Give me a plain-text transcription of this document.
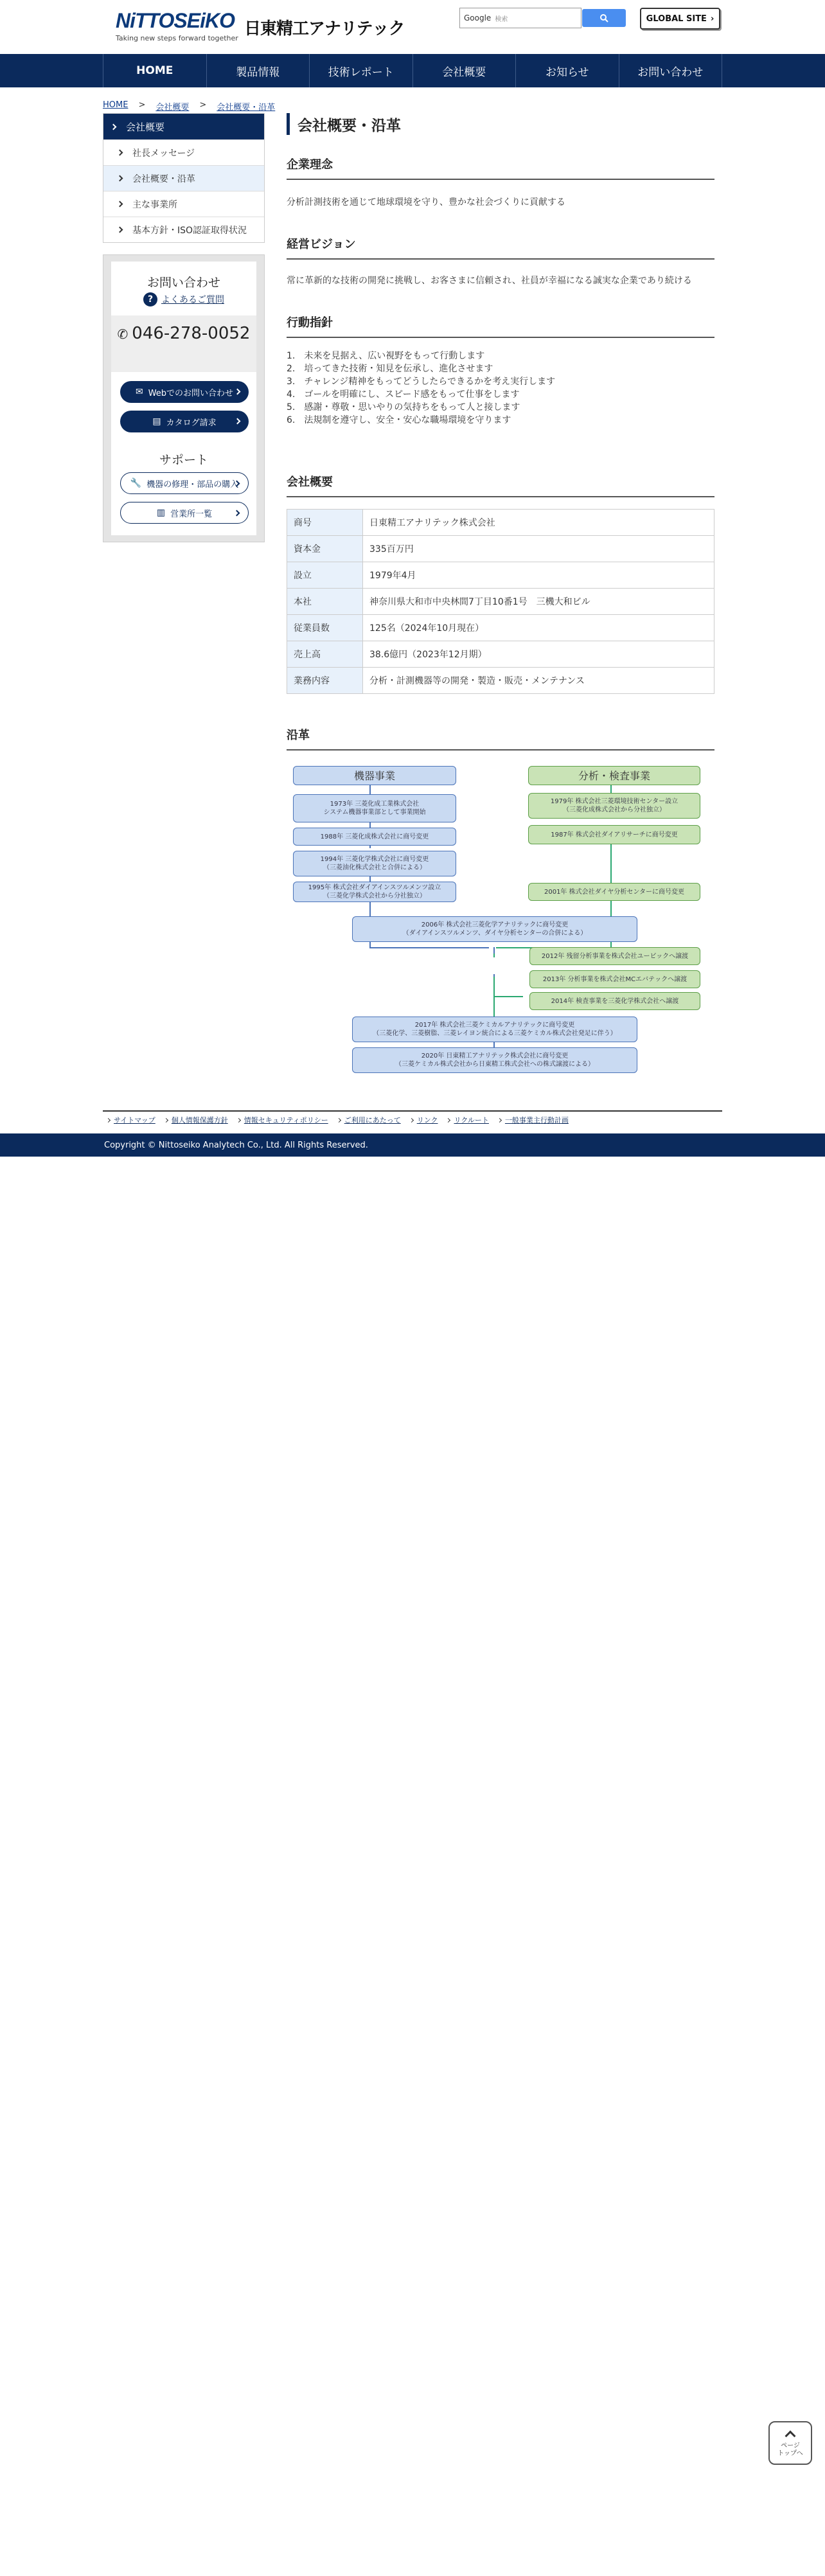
NiTTOSEiKO
Taking new steps forward together 日東精工アナリテック
Google 検索	GLOBAL SITE ›
HOME	製品情報	技術レポート	会社概要	お知らせ	お問い合わせ
HOME > 会社概要 > 会社概要・沿革
会社概要
社長メッセージ
会社概要・沿革
主な事業所
基本方針・ISO認証取得状況
お問い合わせ
? よくあるご質問
✆ 046-278-0052
✉ Webでのお問い合わせ
▤ カタログ請求
サポート
🔧 機器の修理・部品の購入
▥ 営業所一覧
会社概要・沿革
企業理念
分析計測技術を通じて地球環境を守り、豊かな社会づくりに貢献する
経営ビジョン
常に革新的な技術の開発に挑戦し、お客さまに信頼され、社員が幸福になる誠実な企業であり続ける
行動指針
1.　未来を見据え、広い視野をもって行動します
2.　培ってきた技術・知見を伝承し、進化させます
3.　チャレンジ精神をもってどうしたらできるかを考え実行します
4.　ゴールを明確にし、スピード感をもって仕事をします
5.　感謝・尊敬・思いやりの気持ちをもって人と接します
6.　法規制を遵守し、安全・安心な職場環境を守ります
会社概要
商号	日東精工アナリテック株式会社
資本金	335百万円
設立	1979年4月
本社	神奈川県大和市中央林間7丁目10番1号　三機大和ビル
従業員数	125名（2024年10月現在）
売上高	38.6億円（2023年12月期）
業務内容	分析・計測機器等の開発・製造・販売・メンテナンス
沿革
機器事業	分析・検査事業
1973年 三菱化成工業株式会社
システム機器事業部として事業開始
1988年 三菱化成株式会社に商号変更
1994年 三菱化学株式会社に商号変更
（三菱油化株式会社と合併による）
1995年 株式会社ダイアインスツルメンツ設立
（三菱化学株式会社から分社独立）
1979年 株式会社三菱環境技術センター設立
（三菱化成株式会社から分社独立）
1987年 株式会社ダイアリサーチに商号変更
2001年 株式会社ダイヤ分析センターに商号変更
2006年 株式会社三菱化学アナリテックに商号変更
（ダイアインスツルメンツ、ダイヤ分析センターの合併による）
2012年 残留分析事業を株式会社ユービックへ譲渡
2013年 分析事業を株式会社MCエバテックへ譲渡
2014年 検査事業を三菱化学株式会社へ譲渡
2017年 株式会社三菱ケミカルアナリテックに商号変更
（三菱化学、三菱樹脂、三菱レイヨン統合による三菱ケミカル株式会社発足に伴う）
2020年 日東精工アナリテック株式会社に商号変更
（三菱ケミカル株式会社から日東精工株式会社への株式譲渡による）
サイトマップ 個人情報保護方針 情報セキュリティポリシー ご利用にあたって リンク リクルート 一般事業主行動計画
Copyright © Nittoseiko Analytech Co., Ltd. All Rights Reserved.
ページ
トップへ
